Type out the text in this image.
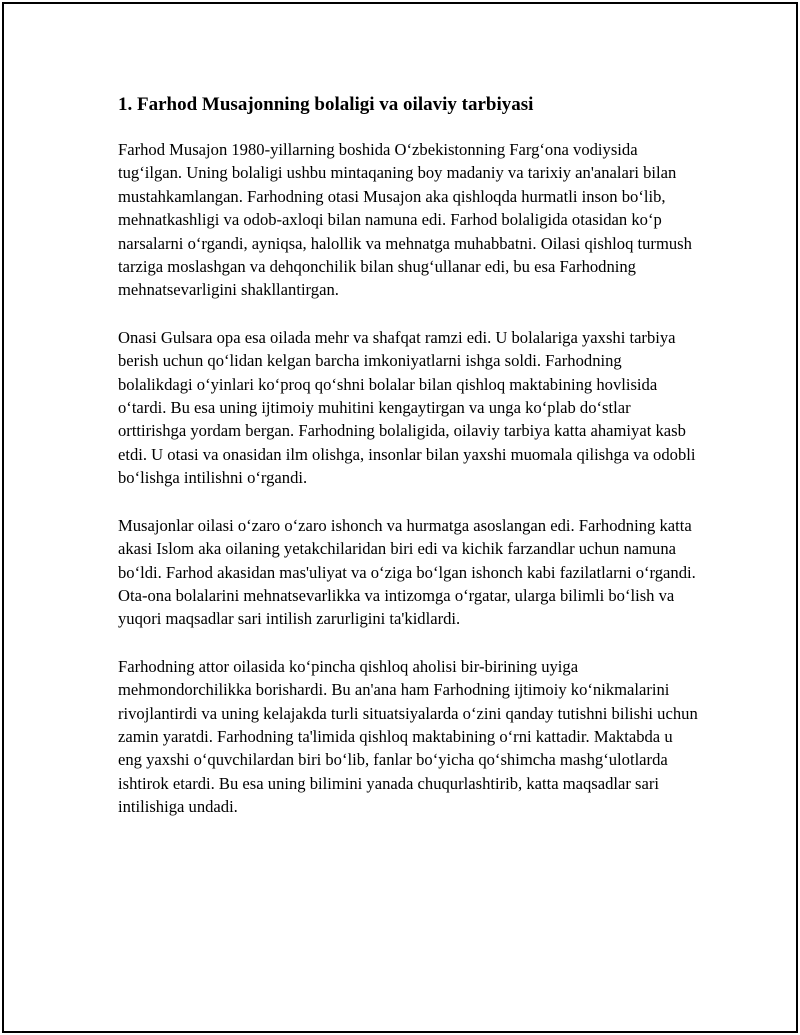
1. Farhod Musajonning bolaligi va oilaviy tarbiyasi

Farhod Musajon 1980-yillarning boshida O‘zbekistonning Farg‘ona vodiysida tug‘ilgan. Uning bolaligi ushbu mintaqaning boy madaniy va tarixiy an'analari bilan mustahkamlangan. Farhodning otasi Musajon aka qishloqda hurmatli inson bo‘lib, mehnatkashligi va odob-axloqi bilan namuna edi. Farhod bolaligida otasidan ko‘p narsalarni o‘rgandi, ayniqsa, halollik va mehnatga muhabbatni. Oilasi qishloq turmush tarziga moslashgan va dehqonchilik bilan shug‘ullanar edi, bu esa Farhodning mehnatsevarligini shakllantirgan.

Onasi Gulsara opa esa oilada mehr va shafqat ramzi edi. U bolalariga yaxshi tarbiya berish uchun qo‘lidan kelgan barcha imkoniyatlarni ishga soldi. Farhodning bolalikdagi o‘yinlari ko‘proq qo‘shni bolalar bilan qishloq maktabining hovlisida o‘tardi. Bu esa uning ijtimoiy muhitini kengaytirgan va unga ko‘plab do‘stlar orttirishga yordam bergan. Farhodning bolaligida, oilaviy tarbiya katta ahamiyat kasb etdi. U otasi va onasidan ilm olishga, insonlar bilan yaxshi muomala qilishga va odobli bo‘lishga intilishni o‘rgandi.

Musajonlar oilasi o‘zaro o‘zaro ishonch va hurmatga asoslangan edi. Farhodning katta akasi Islom aka oilaning yetakchilaridan biri edi va kichik farzandlar uchun namuna bo‘ldi. Farhod akasidan mas'uliyat va o‘ziga bo‘lgan ishonch kabi fazilatlarni o‘rgandi. Ota-ona bolalarini mehnatsevarlikka va intizomga o‘rgatar, ularga bilimli bo‘lish va yuqori maqsadlar sari intilish zarurligini ta'kidlardi.

Farhodning attor oilasida ko‘pincha qishloq aholisi bir-birining uyiga mehmondorchilikka borishardi. Bu an'ana ham Farhodning ijtimoiy ko‘nikmalarini rivojlantirdi va uning kelajakda turli situatsiyalarda o‘zini qanday tutishni bilishi uchun zamin yaratdi. Farhodning ta'limida qishloq maktabining o‘rni kattadir. Maktabda u eng yaxshi o‘quvchilardan biri bo‘lib, fanlar bo‘yicha qo‘shimcha mashg‘ulotlarda ishtirok etardi. Bu esa uning bilimini yanada chuqurlashtirib, katta maqsadlar sari intilishiga undadi.
